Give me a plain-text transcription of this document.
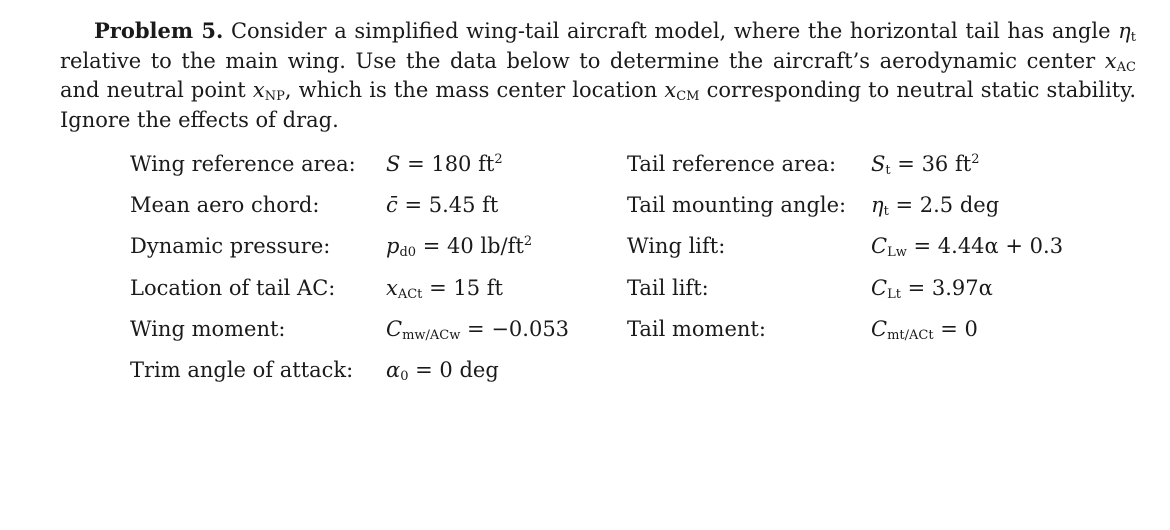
Problem 5. Consider a simplified wing-tail aircraft model, where the horizontal tail has angle $\eta_t$ relative to the main wing. Use the data below to determine the aircraft’s aerodynamic center $x_{AC}$ and neutral point $x_{NP}$, which is the mass center location $x_{CM}$ corresponding to neutral static stability. Ignore the effects of drag.
Wing reference area: S = 180 $ft^2$	Tail reference area: $S_t = 36$ $ft^2$
Mean aero chord:	c̄ = 5.45 ft	Tail mounting angle: $\eta_t = 2.5$ deg
Dynamic pressure:	$p_{d0} = 40$ $lb/ft^2$	Wing lift:	$C_{Lw} = 4.44\alpha + 0.3$
Location of tail AC: $x_{ACt} = 15$ ft	Tail lift:	$C_{Lt} = 3.97\alpha$
Wing moment:	$C_{mw/ACw} = -0.053$	Tail moment:	$C_{mt/ACt} = 0$
Trim angle of attack: $\alpha_0 = 0$ deg
